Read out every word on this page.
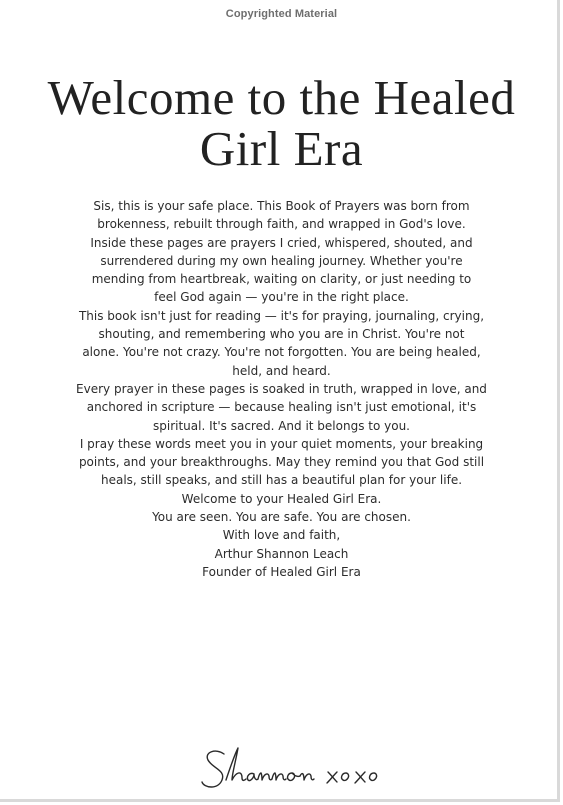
Copyrighted Material
Welcome to the Healed
Girl Era

Sis, this is your safe place. This Book of Prayers was born from
brokenness, rebuilt through faith, and wrapped in God's love.
Inside these pages are prayers I cried, whispered, shouted, and
surrendered during my own healing journey. Whether you're
mending from heartbreak, waiting on clarity, or just needing to
feel God again — you're in the right place.

This book isn't just for reading — it's for praying, journaling, crying,
shouting, and remembering who you are in Christ. You're not
alone. You're not crazy. You're not forgotten. You are being healed,
held, and heard.

Every prayer in these pages is soaked in truth, wrapped in love, and
anchored in scripture — because healing isn't just emotional, it's
spiritual. It's sacred. And it belongs to you.

I pray these words meet you in your quiet moments, your breaking
points, and your breakthroughs. May they remind you that God still
heals, still speaks, and still has a beautiful plan for your life.

Welcome to your Healed Girl Era.

You are seen. You are safe. You are chosen.

With love and faith,

Arthur Shannon Leach

Founder of Healed Girl Era
